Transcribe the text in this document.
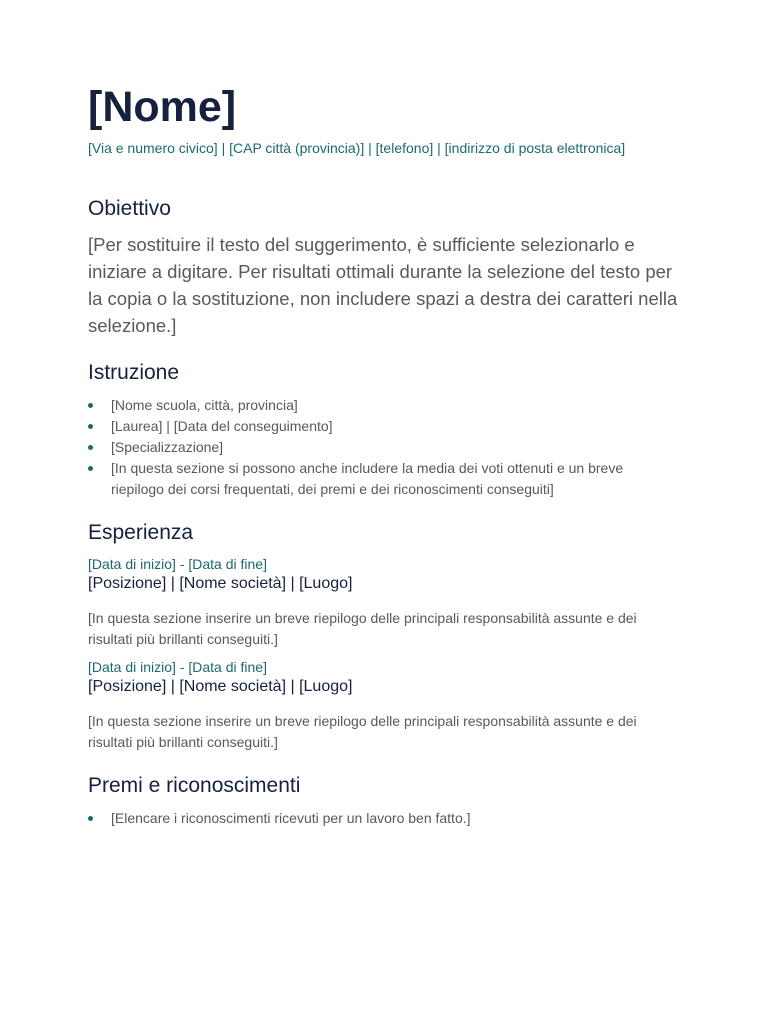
[Nome]
[Via e numero civico] | [CAP città (provincia)] | [telefono] | [indirizzo di posta elettronica]
Obiettivo
[Per sostituire il testo del suggerimento, è sufficiente selezionarlo e iniziare a digitare. Per risultati ottimali durante la selezione del testo per la copia o la sostituzione, non includere spazi a destra dei caratteri nella selezione.]
Istruzione
[Nome scuola, città, provincia]
[Laurea] | [Data del conseguimento]
[Specializzazione]
[In questa sezione si possono anche includere la media dei voti ottenuti e un breve riepilogo dei corsi frequentati, dei premi e dei riconoscimenti conseguiti]
Esperienza
[Data di inizio] - [Data di fine]
[Posizione] | [Nome società] | [Luogo]
[In questa sezione inserire un breve riepilogo delle principali responsabilità assunte e dei risultati più brillanti conseguiti.]
[Data di inizio] - [Data di fine]
[Posizione] | [Nome società] | [Luogo]
[In questa sezione inserire un breve riepilogo delle principali responsabilità assunte e dei risultati più brillanti conseguiti.]
Premi e riconoscimenti
[Elencare i riconoscimenti ricevuti per un lavoro ben fatto.]
